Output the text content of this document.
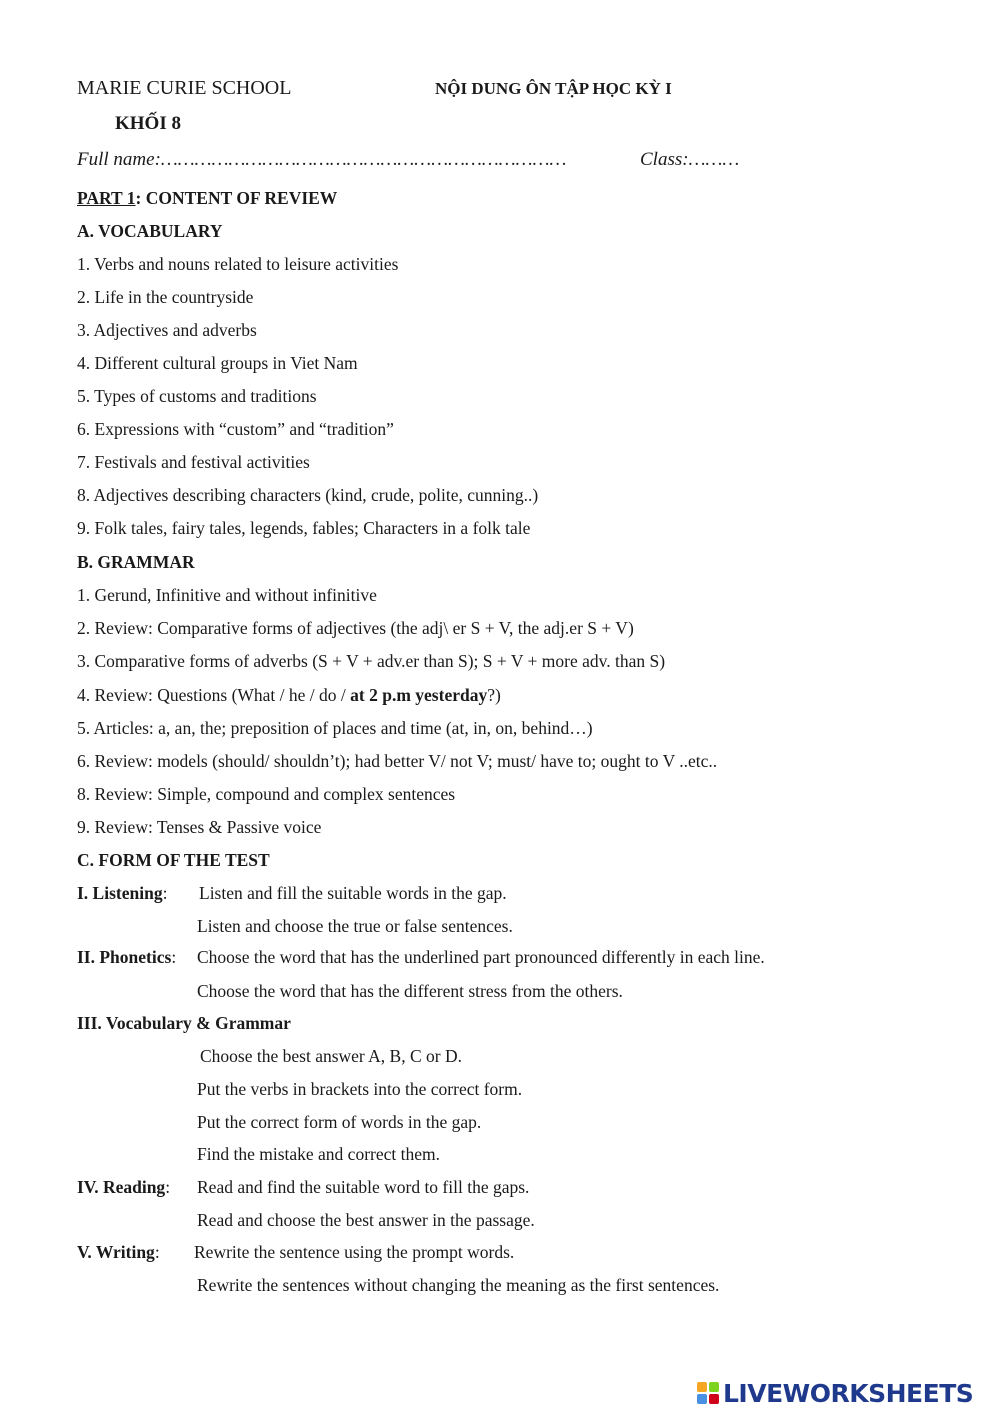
MARIE CURIE SCHOOL	NỘI DUNG ÔN TẬP HỌC KỲ I
KHỐI 8
Full name:………………………………………………………………	Class:………
PART 1: CONTENT OF REVIEW
A. VOCABULARY
1. Verbs and nouns related to leisure activities
2. Life in the countryside
3. Adjectives and adverbs
4. Different cultural groups in Viet Nam
5. Types of customs and traditions
6. Expressions with “custom” and “tradition”
7. Festivals and festival activities
8. Adjectives describing characters (kind, crude, polite, cunning..)
9. Folk tales, fairy tales, legends, fables; Characters in a folk tale
B. GRAMMAR
1. Gerund, Infinitive and without infinitive
2. Review: Comparative forms of adjectives (the adj\ er S + V, the adj.er S + V)
3. Comparative forms of adverbs (S + V + adv.er than S); S + V + more adv. than S)
4. Review: Questions (What / he / do / at 2 p.m yesterday?)
5. Articles: a, an, the; preposition of places and time (at, in, on, behind…)
6. Review: models (should/ shouldn’t); had better V/ not V; must/ have to; ought to V ..etc..
8. Review: Simple, compound and complex sentences
9. Review: Tenses & Passive voice
C. FORM OF THE TEST
I. Listening: Listen and fill the suitable words in the gap.
Listen and choose the true or false sentences.
II. Phonetics: Choose the word that has the underlined part pronounced differently in each line.
Choose the word that has the different stress from the others.
III. Vocabulary & Grammar
Choose the best answer A, B, C or D.
Put the verbs in brackets into the correct form.
Put the correct form of words in the gap.
Find the mistake and correct them.
IV. Reading: Read and find the suitable word to fill the gaps.
Read and choose the best answer in the passage.
V. Writing: Rewrite the sentence using the prompt words.
Rewrite the sentences without changing the meaning as the first sentences.
LIVEWORKSHEETS
